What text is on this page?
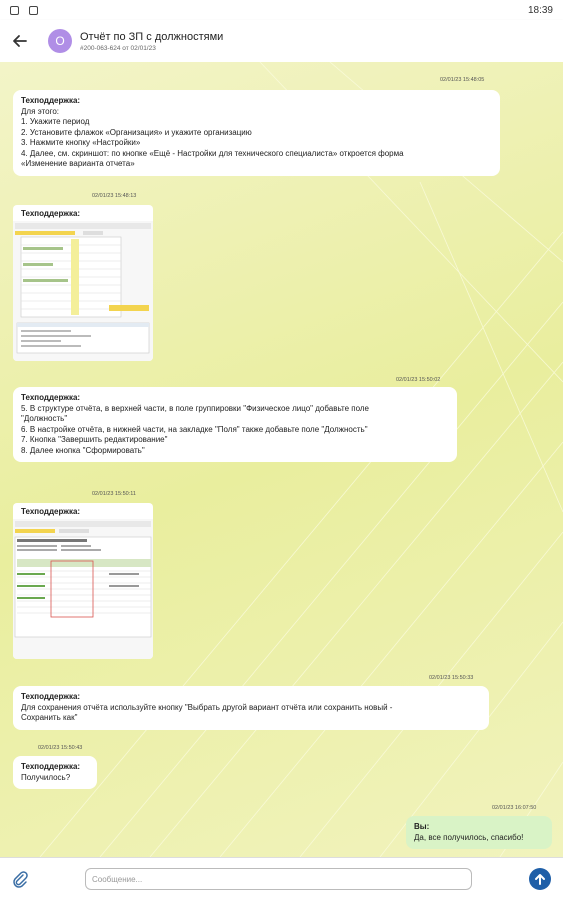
18:39
О	Отчёт по ЗП с должностями
#200-063-624 от 02/01/23
02/01/23 15:48:05
Техподдержка:
Для этого:
1. Укажите период
2. Установите флажок «Организация» и укажите организацию
3. Нажмите кнопку «Настройки»
4. Далее, см. скриншот: по кнопке «Ещё - Настройки для технического специалиста» откроется форма
«Изменение варианта отчета»
02/01/23 15:48:13
Техподдержка:
02/01/23 15:50:02
Техподдержка:
5. В структуре отчёта, в верхней части, в поле группировки "Физическое лицо" добавьте поле
"Должность"
6. В настройке отчёта, в нижней части, на закладке "Поля" также добавьте поле "Должность"
7. Кнопка "Завершить редактирование"
8. Далее кнопка "Сформировать"
02/01/23 15:50:11
Техподдержка:
02/01/23 15:50:33
Техподдержка:
Для сохранения отчёта используйте кнопку "Выбрать другой вариант отчёта или сохранить новый -
Сохранить как"
02/01/23 15:50:43
Техподдержка:
Получилось?
02/01/23 16:07:50
Вы:
Да, все получилось, спасибо!
Сообщение...
